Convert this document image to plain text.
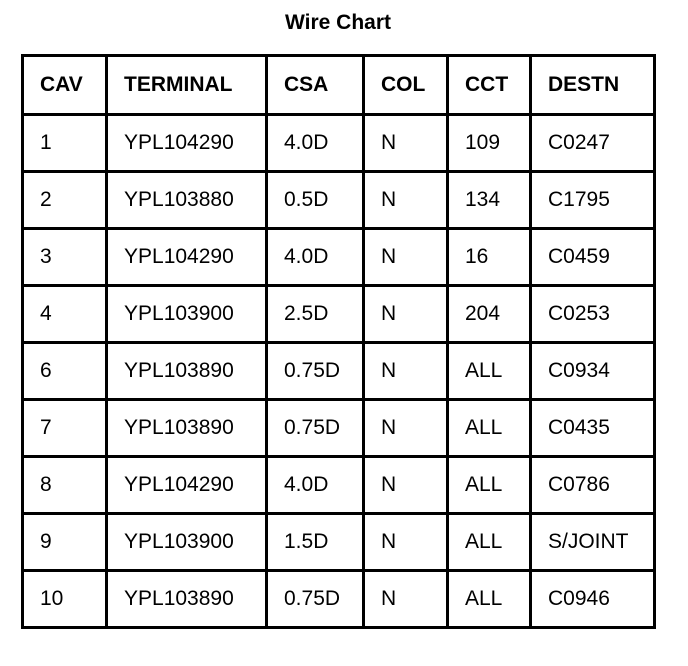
Wire Chart
CAV	TERMINAL	CSA	COL	CCT	DESTN
1	YPL104290	4.0D	N	109	C0247
2	YPL103880	0.5D	N	134	C1795
3	YPL104290	4.0D	N	16	C0459
4	YPL103900	2.5D	N	204	C0253
6	YPL103890	0.75D	N	ALL	C0934
7	YPL103890	0.75D	N	ALL	C0435
8	YPL104290	4.0D	N	ALL	C0786
9	YPL103900	1.5D	N	ALL	S/JOINT
10	YPL103890	0.75D	N	ALL	C0946
